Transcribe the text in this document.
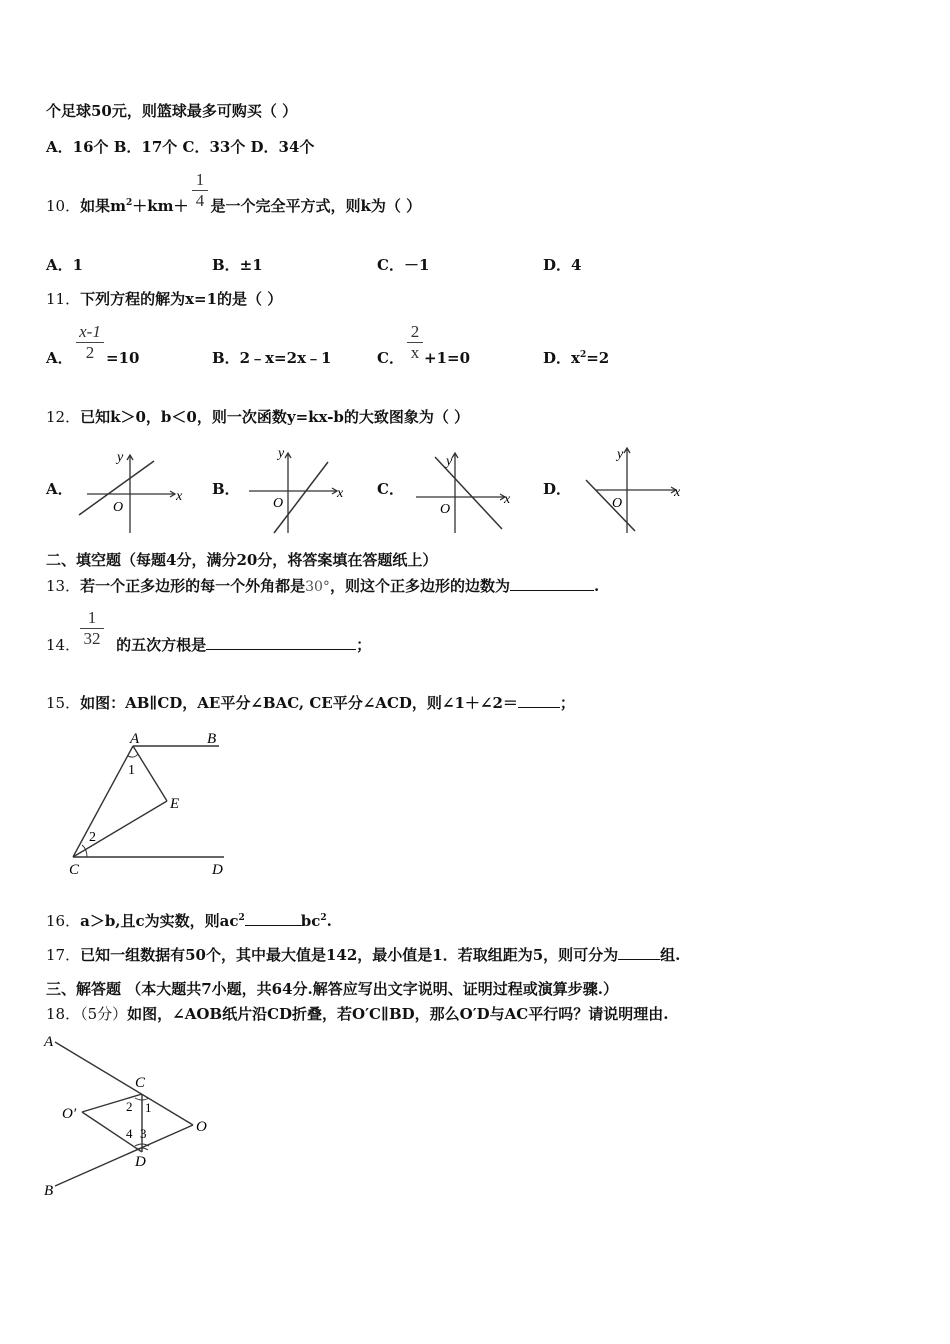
个足球50元，则篮球最多可购买（ ）
A．16个 B．17个 C．33个 D．34个
10．如果$m^2+km+$ 是一个完全平方式，则k为（ ）
1
4
A．1	B．±1	C．－1	D．4
11．下列方程的解为x=1的是（ ）
A．
x-1
2 =10	B．2﹣x=2x﹣1	C．
2
x +1=0	D．$x^2=2$
12．已知k＞0，b＜0，则一次函数y=kx-b的大致图象为（ ）
A．	B．	C．	D．
y
x
O
y
x
O
y
x
O
y
x
O
二、填空题（每题4分，满分20分，将答案填在答题纸上）
13．若一个正多边形的每一个外角都是30°，则这个正多边形的边数为	.
14． 的五次方根是	；
1
32
15．如图：AB∥CD，AE平分∠BAC, CE平分∠ACD，则∠1＋∠2＝	；
A	B
C	D
E
1
2
16．a＞b,且c为实数，则$ac^2$	$bc^2$.
17．已知一组数据有50个，其中最大值是142，最小值是1．若取组距为5，则可分为	组.
三、解答题 （本大题共7小题，共64分.解答应写出文字说明、证明过程或演算步骤.）
18．（5分）如图，∠AOB纸片沿CD折叠，若O′C∥BD，那么O′D与AC平行吗？请说明理由.
A
B
C
D
O
O′	2 1
4 3
